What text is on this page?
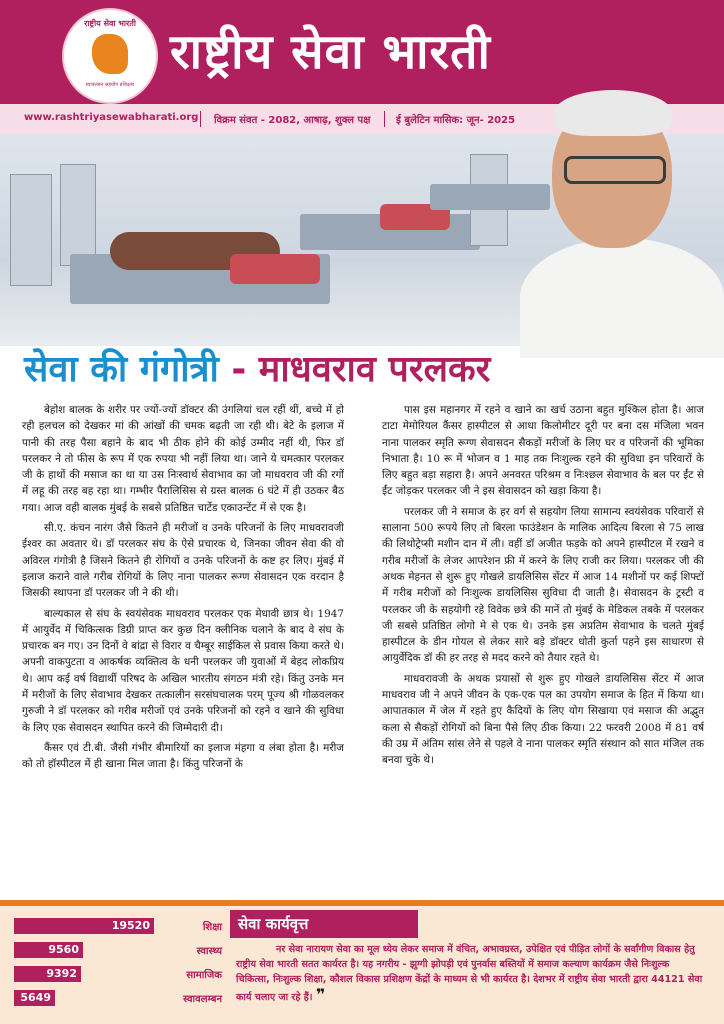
राष्ट्रीय सेवा भारती
स्वावलंबन सहयोग प्रशिक्षण
राष्ट्रीय सेवा भारती
www.rashtriyasewabharati.org विक्रम संवत - 2082, आषाढ़, शुक्ल पक्ष	ई बुलेटिन मासिक: जून- 2025
सेवा की गंगोत्री - माधवराव परलकर

बेहोश बालक के शरीर पर ज्यों-ज्यों डॉक्टर की उंगलियां चल रहीं थीं, बच्चे में हो रही हलचल को देखकर मां की आंखों की चमक बढ़ती जा रही थी। बेटे के इलाज में पानी की तरह पैसा बहाने के बाद भी ठीक होने की कोई उम्मीद नहीं थी, फिर डॉ परलकर ने तो फीस के रूप में एक रुपया भी नहीं लिया था। जाने ये चमत्कार परलकर जी के हाथों की मसाज का था या उस निःस्वार्थ सेवाभाव का जो माधवराव जी की रगों में लहू की तरह बह रहा था। गम्भीर पैरालिसिस से ग्रस्त बालक 6 घंटे में ही उठकर बैठ गया। आज वही बालक मुंबई के सबसे प्रतिष्ठित चार्टेड एकाउन्टेंट में से एक है।

सी.ए. कंचन नारंग जैसे कितने ही मरीजों व उनके परिजनों के लिए माधवरावजी ईश्वर का अवतार थे। डॉ परलकर संघ के ऐसे प्रचारक थे, जिनका जीवन सेवा की वो अविरल गंगोत्री है जिसने कितने ही रोगियों व उनके परिजनों के कष्ट हर लिए। मुंबई में इलाज कराने वाले गरीब रोगियों के लिए नाना पालकर रूग्ण सेवासदन एक वरदान है जिसकी स्थापना डॉ परलकर जी ने की थी।

बाल्यकाल से संघ के स्वयंसेवक माधवराव परलकर एक मेधावी छात्र थे। 1947 में आयुर्वेद में चिकित्सक डिग्री प्राप्त कर कुछ दिन क्लीनिक चलाने के बाद वे संघ के प्रचारक बन गए। उन दिनों वे बांद्रा से विरार व चैम्बूर साईकिल से प्रवास किया करते थे। अपनी वाकपुटता व आकर्षक व्यक्तित्व के धनी परलकर जी युवाओं में बेहद लोकप्रिय थे। आप कई वर्ष विद्यार्थी परिषद के अखिल भारतीय संगठन मंत्री रहे। किंतु उनके मन में मरीजों के लिए सेवाभाव देखकर तत्कालीन सरसंघचालक परम् पूज्य श्री गोळवलकर गुरुजी ने डॉ परलकर को गरीब मरीजों एवं उनके परिजनों को रहने व खाने की सुविधा के लिए एक सेवासदन स्थापित करने की जिम्मेदारी दी।

कैंसर एवं टी.बी. जैसी गंभीर बीमारियों का इलाज मंहगा व लंबा होता है। मरीज को तो हॉस्पीटल में ही खाना मिल जाता है। किंतु परिजनों के

पास इस महानगर में रहने व खाने का खर्च उठाना बहुत मुश्किल होता है। आज टाटा मेमोरियल कैंसर हास्पीटल से आधा किलोमीटर दूरी पर बना दस मंजिला भवन नाना पालकर स्मृति रूग्ण सेवासदन सैकड़ों मरीजों के लिए घर व परिजनों की भूमिका निभाता है। 10 रू में भोजन व 1 माह तक निःशुल्क रहने की सुविधा इन परिवारों के लिए बहुत बड़ा सहारा है। अपने अनवरत परिश्रम व निःश्छल सेवाभाव के बल पर ईंट से ईंट जोड़कर परलकर जी ने इस सेवासदन को खड़ा किया है।

परलकर जी ने समाज के हर वर्ग से सहयोग लिया सामान्य स्वयंसेवक परिवारों से सालाना 500 रूपये लिए तो बिरला फाउंडेशन के मालिक आदित्य बिरला से 75 लाख की लिथोट्रेप्सी मशीन दान में ली। वहीं डॉ अजीत फड़के को अपने हास्पीटल में रखने व गरीब मरीजों के लेजर आपरेशन फ्री में करने के लिए राजी कर लिया। परलकर जी की अथक मेहनत से शुरू हुए गोखले डायलिसिस सेंटर में आज 14 मशीनों पर कई शिफ्टों में गरीब मरीजों को निःशुल्क डायलिसिस सुविधा दी जाती है। सेवासदन के ट्रस्टी व परलकर जी के सहयोगी रहे विवेक छत्रे की मानें तो मुंबई के मेडिकल तबके में परलकर जी सबसे प्रतिष्ठित लोगो मे से एक थे। उनके इस अप्रतिम सेवाभाव के चलते मुंबई हास्पीटल के डीन गोयल से लेकर सारे बड़े डॉक्टर धोती कुर्ता पहने इस साधारण से आयुर्वेदिक डॉ की हर तरह से मदद करने को तैयार रहते थे।

माधवरावजी के अथक प्रयासों से शुरू हुए गोखले डायलिसिस सेंटर में आज माधवराव जी ने अपने जीवन के एक-एक पल का उपयोग समाज के हित में किया था। आपातकाल में जेल में रहते हुए कैदियों के लिए योग सिखाया एवं मसाज की अद्भुत कला से सैकड़ों रोगियों को बिना पैसे लिए ठीक किया। 22 फरवरी 2008 में 81 वर्ष की उम्र में अंतिम सांस लेने से पहले वे नाना पालकर स्मृति संस्थान को सात मंजिल तक बनवा चुके थे।

19520	शिक्षा
9560	स्वास्थ्य
9392	सामाजिक
5649	स्वावलम्बन
सेवा कार्यवृत्त
नर सेवा नारायण सेवा का मूल ध्येय लेकर समाज में वंचित, अभावग्रस्त, उपेक्षित एवं पीड़ित लोगों के सर्वांगीण विकास हेतु राष्ट्रीय सेवा भारती सतत कार्यरत है। यह नगरीय - झुग्गी झोपड़ी एवं पुनर्वास बस्तियों में समाज कल्याण कार्यक्रम जैसे निःशुल्क चिकित्सा, निःशुल्क शिक्षा, कौशल विकास प्रशिक्षण केंद्रों के माध्यम से भी कार्यरत है। देशभर में राष्ट्रीय सेवा भारती द्वारा 44121 सेवा कार्य चलाए जा रहे हैं। ❞
